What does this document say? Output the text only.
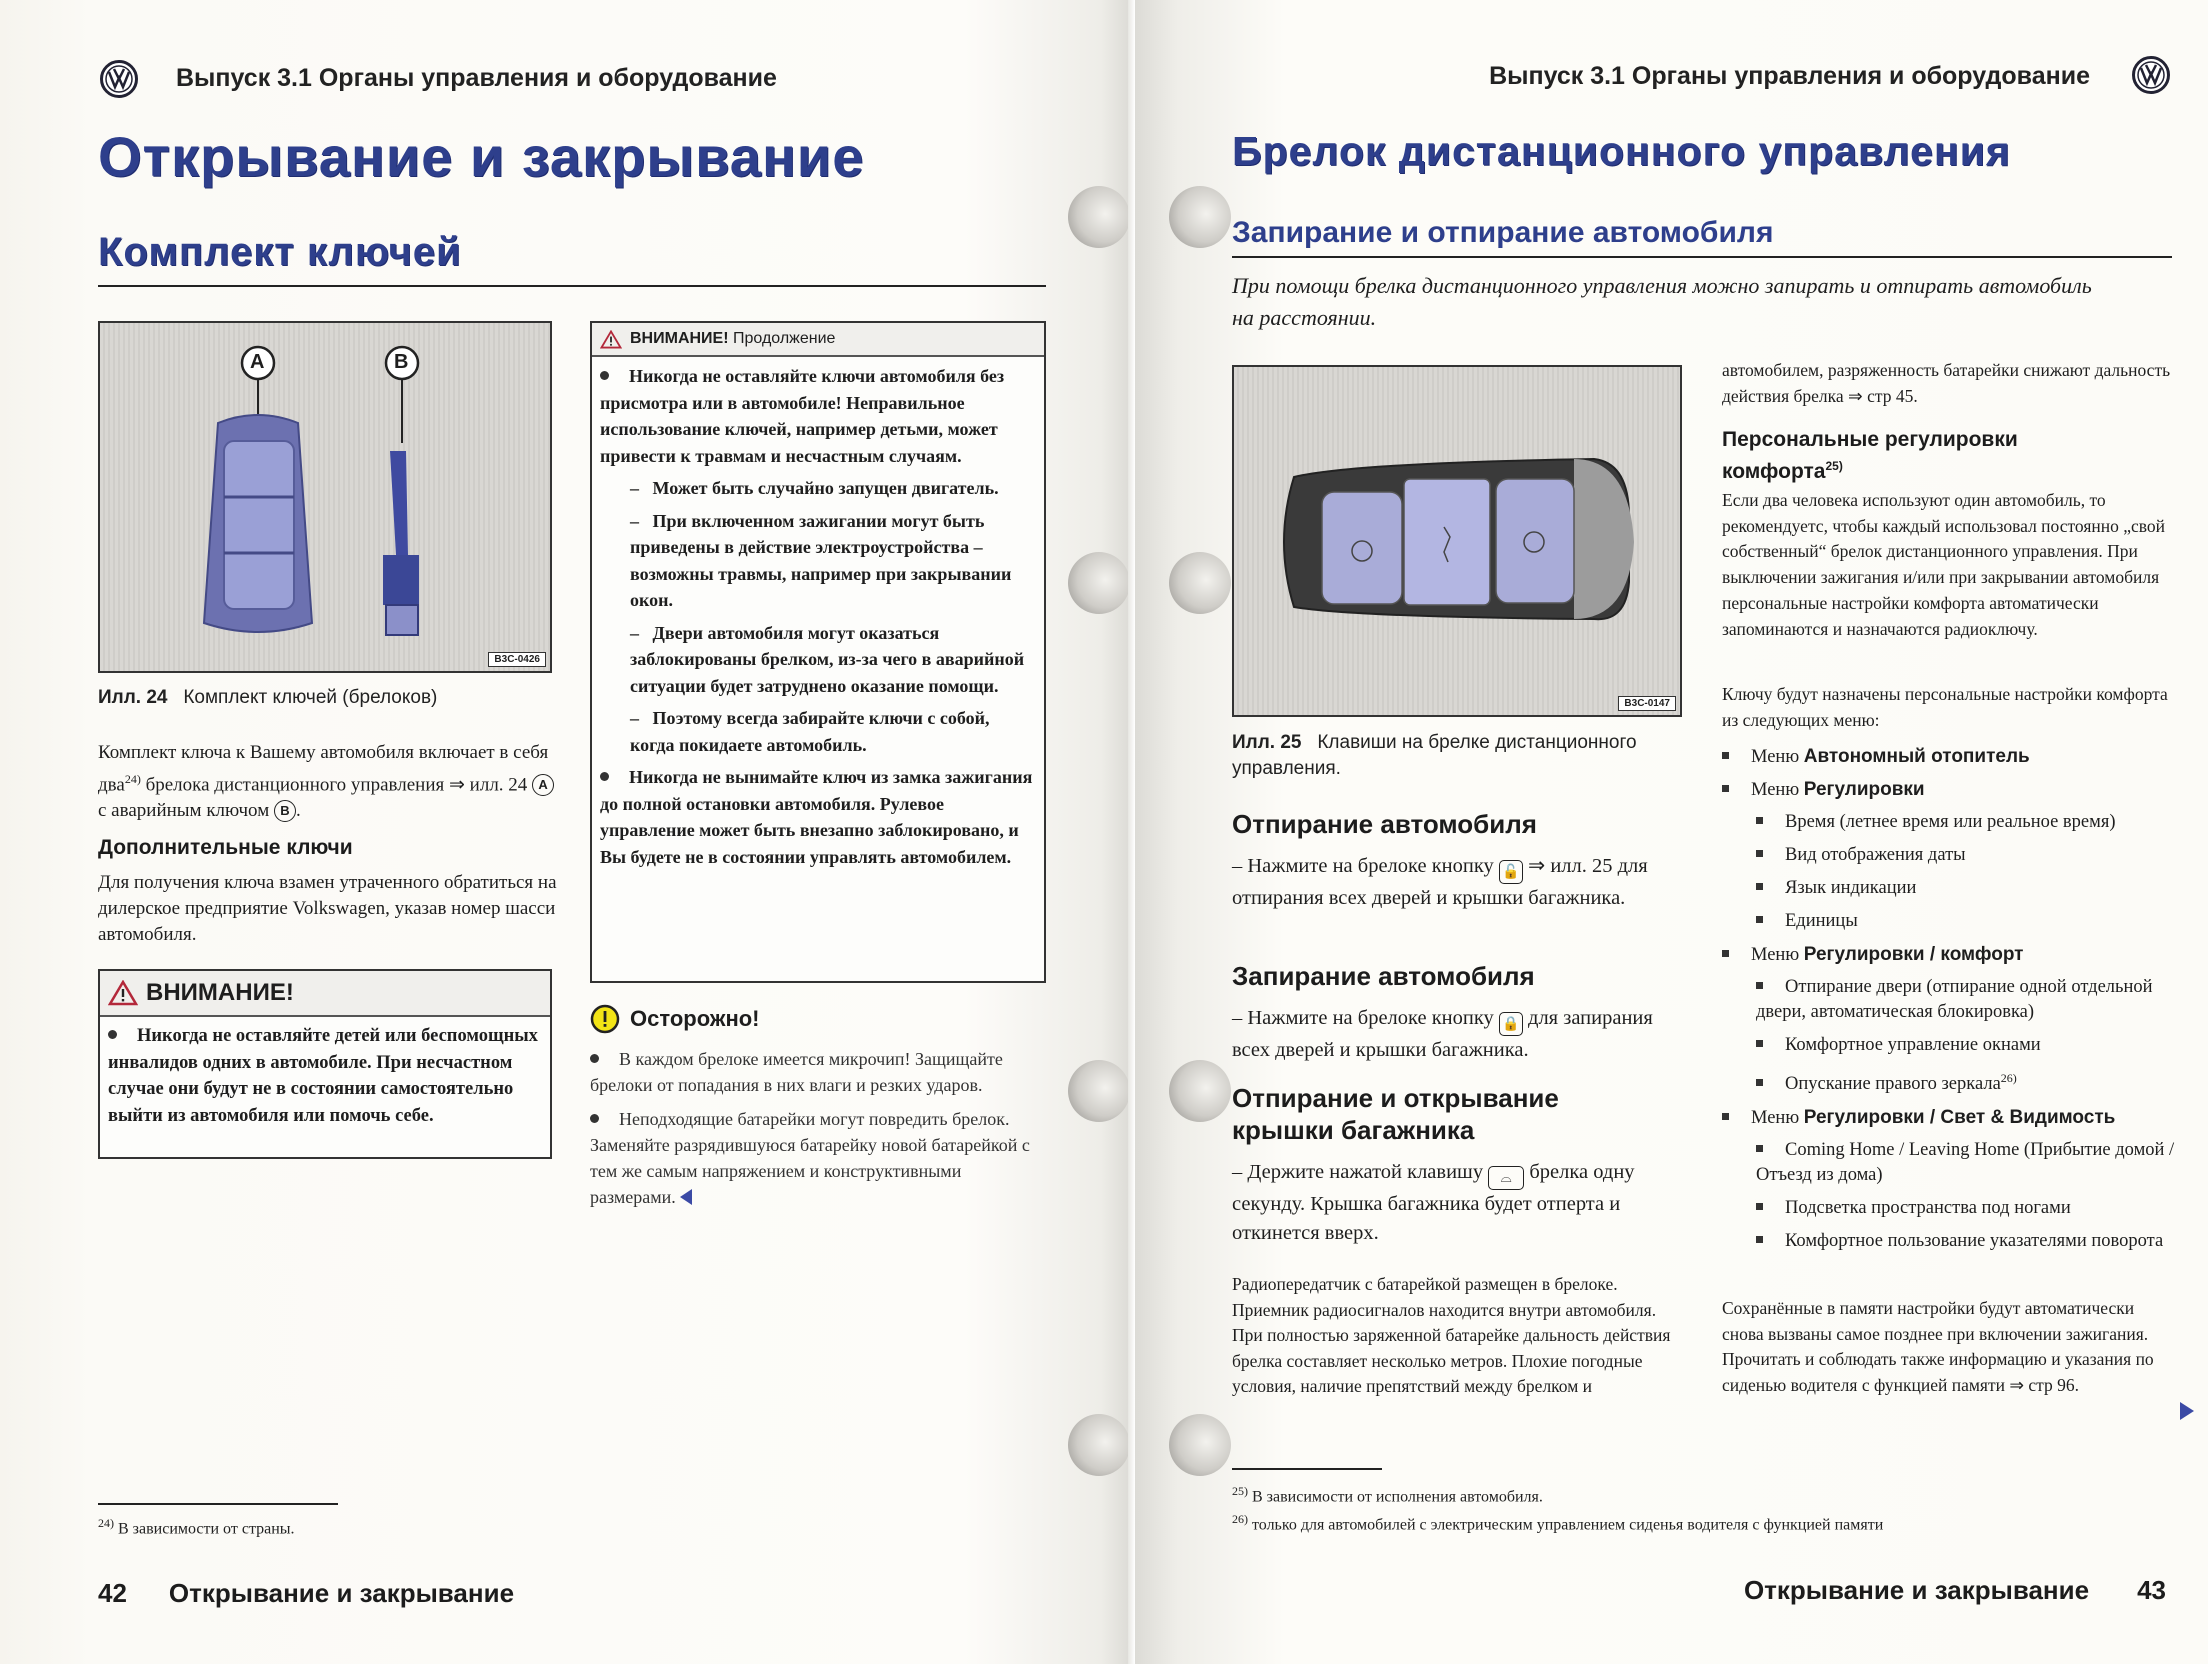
Выпуск 3.1 Органы управления и оборудование
Открывание и закрывание
Комплект ключей

A	B
B3C-0426
Илл. 24 Комплект ключей (брелоков)
Комплект ключа к Вашему автомобиля включает в себя два$^{24)}$ брелока дистанционного управления ⇒ илл. 24 A с аварийным ключом B .
Дополнительные ключи
Для получения ключа взамен утраченного обратиться на дилерское предприятие Volkswagen, указав номер шасси автомобиля.
ВНИМАНИЕ!

Никогда не оставляйте детей или беспомощных инвалидов одних в автомобиле. При несчастном случае они будут не в состоянии самостоятельно выйти из автомобиля или помочь себе.

ВНИМАНИЕ! Продолжение

Никогда не оставляйте ключи автомобиля без присмотра или в автомобиле! Неправильное использование ключей, например детьми, может привести к травмам и несчастным случаям.

–   Может быть случайно запущен двигатель.

–   При включенном зажигании могут быть приведены в действие электроустройства – возможны травмы, например при закрывании окон.

–   Двери автомобиля могут оказаться заблокированы брелком, из-за чего в аварийной ситуации будет затруднено оказание помощи.

–   Поэтому всегда забирайте ключи с собой, когда покидаете автомобиль.

Никогда не вынимайте ключ из замка зажигания до полной остановки автомобиля. Рулевое управление может быть внезапно заблокировано, и Вы будете не в состоянии управлять автомобилем.

Осторожно!

В каждом брелоке имеется микрочип! Защищайте брелоки от попадания в них влаги и резких ударов.

Неподходящие батарейки могут повредить брелок. Заменяйте разрядившуюся батарейку новой батарейкой с тем же самым напряжением и конструктивными размерами.

$^{24)}$ В зависимости от страны.
42 Открывание и закрывание
Выпуск 3.1 Органы управления и оборудование
Брелок дистанционного управления
Запирание и отпирание автомобиля
При помощи брелка дистанционного управления можно запирать и отпирать автомобиль на расстоянии.
B3C-0147
Илл. 25 Клавиши на брелке дистанционного управления.
Отпирание автомобиля
– Нажмите на брелоке кнопку 🔓 ⇒ илл. 25 для отпирания всех дверей и крышки багажника.
Запирание автомобиля
– Нажмите на брелоке кнопку 🔒 для запирания всех дверей и крышки багажника.
Отпирание и открывание крышки багажника
– Держите нажатой клавишу ⌓ брелка одну секунду. Крышка багажника будет отперта и откинется вверх.
Радиопередатчик с батарейкой размещен в брелоке. Приемник радиосигналов находится внутри автомобиля. При полностью заряженной батарейке дальность действия брелка составляет несколько метров. Плохие погодные условия, наличие препятствий между брелком и
автомобилем, разряженность батарейки снижают дальность действия брелка ⇒ стр 45.
Персональные регулировки комфорта$^{25)}$
Если два человека используют один автомобиль, то рекомендуетс, чтобы каждый использовал постоянно „свой собственный“ брелок дистанционного управления. При выключении зажигания и/или при закрывании автомобиля персональные настройки комфорта автоматически запоминаются и назначаются радиоключу.
Ключу будут назначены персональные настройки комфорта из следующих меню:
Меню Автономный отопитель
Меню Регулировки
Время (летнее время или реальное время)
Вид отображения даты
Язык индикации
Единицы
Меню Регулировки / комфорт
Отпирание двери (отпирание одной отдельной двери, автоматическая блокировка)
Комфортное управление окнами
Опускание правого зеркала$^{26)}$
Меню Регулировки / Свет & Видимость
Coming Home / Leaving Home (Прибытие домой / Отъезд из дома)
Подсветка пространства под ногами
Комфортное пользование указателями поворота
Сохранённые в памяти настройки будут автоматически снова вызваны самое позднее при включении зажигания. Прочитать и соблюдать также информацию и указания по сиденью водителя с функцией памяти ⇒ стр 96.
$^{25)}$ В зависимости от исполнения автомобиля.
$^{26)}$ только для автомобилей с электрическим управлением сиденья водителя с функцией памяти
Открывание и закрывание 43
